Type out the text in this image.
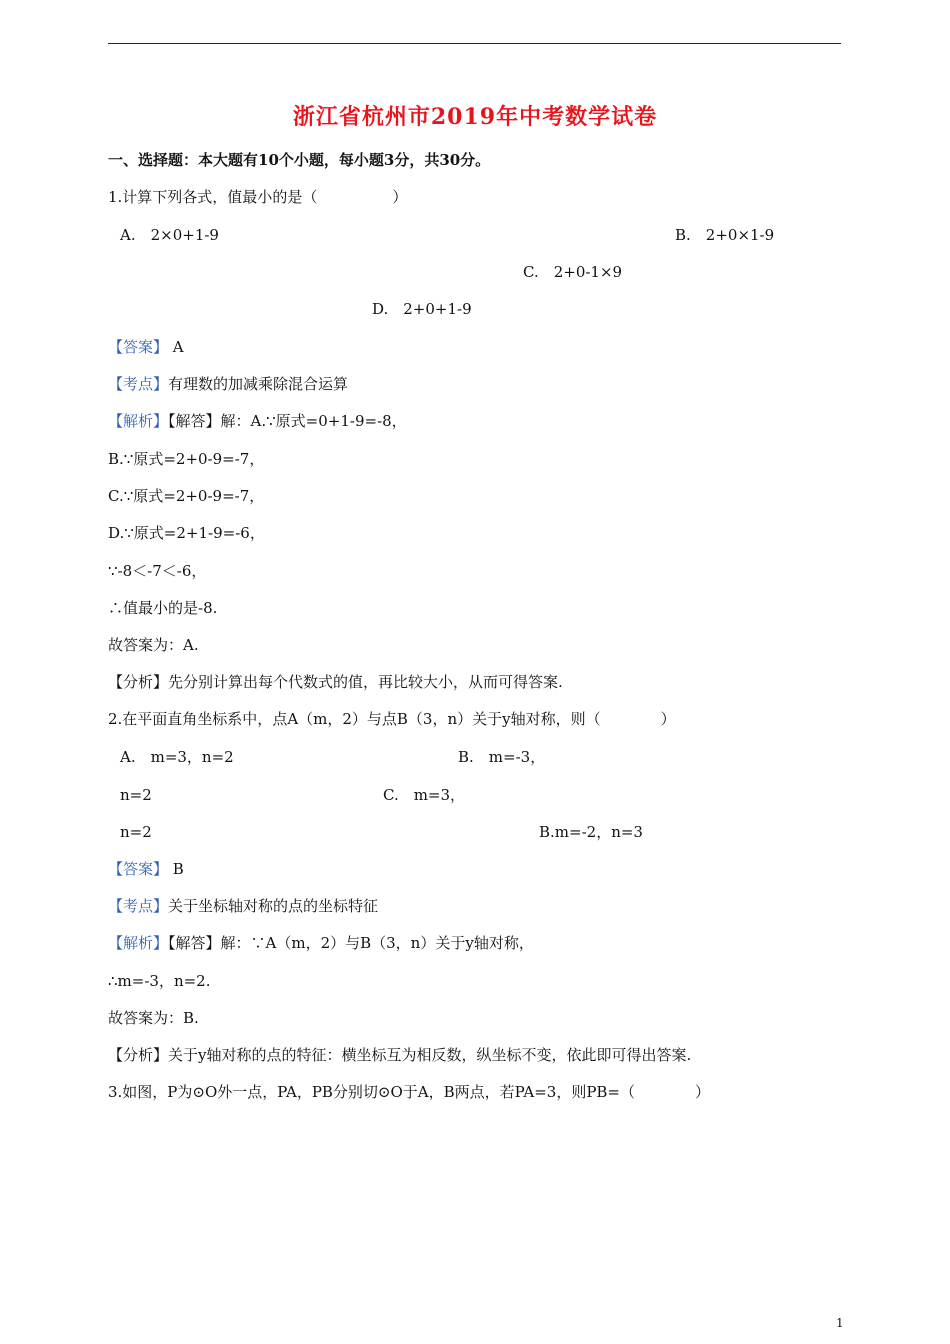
浙江省杭州市2019年中考数学试卷
一、选择题：本大题有10个小题，每小题3分，共30分。
1.计算下列各式，值最小的是（　　　　　）
A.　2×0+1-9	B.　2+0×1-9
C.　2+0-1×9
D.　2+0+1-9
【答案】 A
【考点】有理数的加减乘除混合运算
【解析】【解答】解：A.∵原式=0+1-9=-8，
B.∵原式=2+0-9=-7，
C.∵原式=2+0-9=-7，
D.∵原式=2+1-9=-6，
∵-8＜-7＜-6，
∴值最小的是-8.
故答案为：A.
【分析】先分别计算出每个代数式的值，再比较大小，从而可得答案.
2.在平面直角坐标系中，点A（m，2）与点B（3，n）关于y轴对称，则（　　　　）
A.　m=3，n=2	B.　m=-3，
n=2	C.　m=3，
n=2	B.m=-2，n=3
【答案】 B
【考点】关于坐标轴对称的点的坐标特征
【解析】【解答】解：∵A（m，2）与B（3，n）关于y轴对称，
∴m=-3，n=2.
故答案为：B.
【分析】关于y轴对称的点的特征：横坐标互为相反数，纵坐标不变，依此即可得出答案.
3.如图，P为⊙O外一点，PA，PB分别切⊙O于A，B两点，若PA=3，则PB=（　　　　）
1
